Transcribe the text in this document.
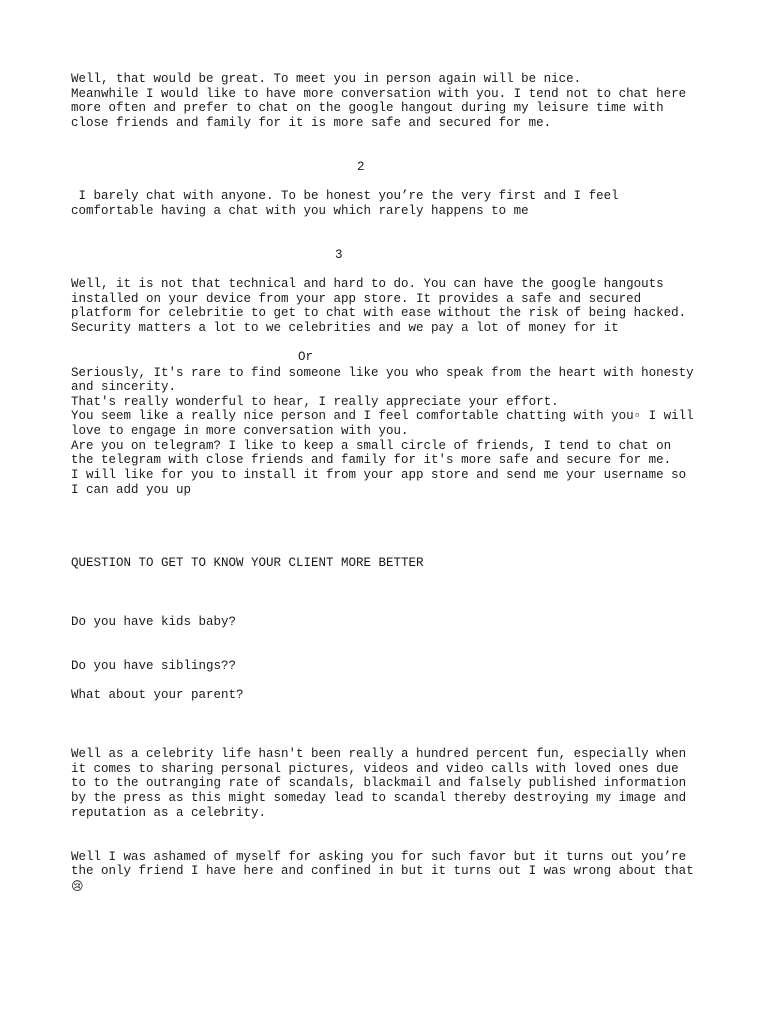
Well, that would be great. To meet you in person again will be nice.
Meanwhile I would like to have more conversation with you. I tend not to chat here
more often and prefer to chat on the google hangout during my leisure time with
close friends and family for it is more safe and secured for me.
2
I barely chat with anyone. To be honest you’re the very first and I feel
comfortable having a chat with you which rarely happens to me
3
Well, it is not that technical and hard to do. You can have the google hangouts
installed on your device from your app store. It provides a safe and secured
platform for celebritie to get to chat with ease without the risk of being hacked.
Security matters a lot to we celebrities and we pay a lot of money for it
Or
Seriously, It's rare to find someone like you who speak from the heart with honesty
and sincerity.
That's really wonderful to hear, I really appreciate your effort.
You seem like a really nice person and I feel comfortable chatting with you▫ I will
love to engage in more conversation with you.
Are you on telegram? I like to keep a small circle of friends, I tend to chat on
the telegram with close friends and family for it's more safe and secure for me.
I will like for you to install it from your app store and send me your username so
I can add you up
QUESTION TO GET TO KNOW YOUR CLIENT MORE BETTER
Do you have kids baby?
Do you have siblings??
What about your parent?
Well as a celebrity life hasn't been really a hundred percent fun, especially when
it comes to sharing personal pictures, videos and video calls with loved ones due
to to the outranging rate of scandals, blackmail and falsely published information
by the press as this might someday lead to scandal thereby destroying my image and
reputation as a celebrity.
Well I was ashamed of myself for asking you for such favor but it turns out you’re
the only friend I have here and confined in but it turns out I was wrong about that
😢
